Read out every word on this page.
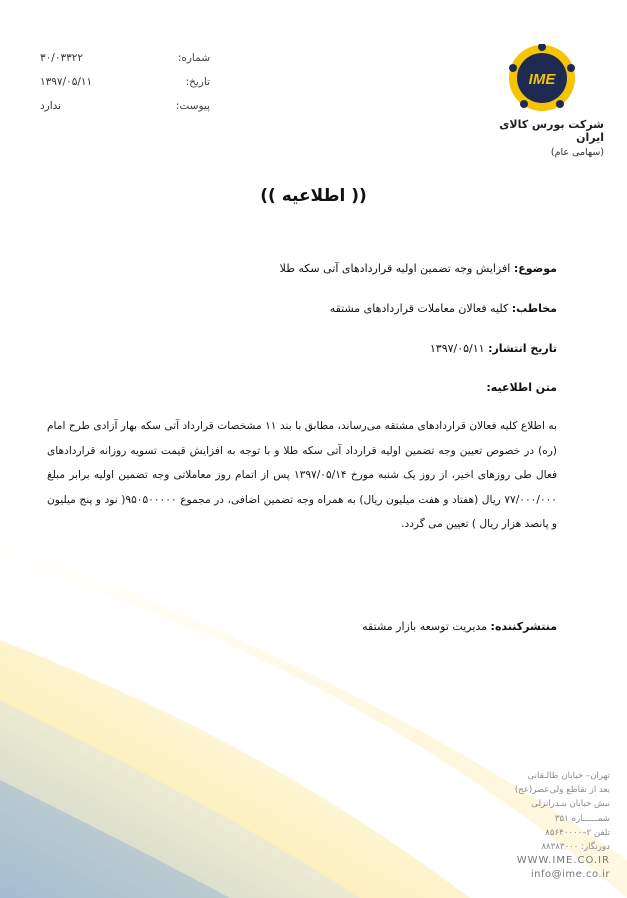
شماره:
۳۰/۰۳۳۲۲
تاریخ:
۱۳۹۷/۰۵/۱۱
پیوست:
ندارد
IME
شرکت بورس کالای ایران
(سهامی عام)
(( اطلاعیه ))
موضوع: افزایش وجه تضمین اولیه قراردادهای آتی سکه طلا
مخاطب: کلیه فعالان معاملات قراردادهای مشتقه
تاریخ انتشار: ۱۳۹۷/۰۵/۱۱
متن اطلاعیه:

به اطلاع کلیه فعالان قراردادهای مشتقه می‌رساند، مطابق با بند ۱۱ مشخصات قرارداد آتی سکه بهار آزادی طرح امام (ره) در خصوص تعیین وجه تضمین اولیه قرارداد آتی سکه طلا و با توجه به افزایش قیمت تسویه روزانه قراردادهای فعال طی روزهای اخیر، از روز یک شنبه مورخ ۱۳۹۷/۰۵/۱۴ پس از اتمام روز معاملاتی وجه تضمین اولیه برابر مبلغ ۷۷/۰۰۰/۰۰۰ ریال (هفتاد و هفت میلیون ریال) به همراه وجه تضمین اضافی، در مجموع ۹۵۰۵۰۰۰۰۰( نود و پنج میلیون و پانصد هزار ریال ) تعیین می گردد.

منتشرکننده: مدیریت توسعه بازار مشتقه
تهران– خیابان طالـقانی
بعد از تقاطع ولی‌عصر(عج)
نبش خیابان بنـدرانزلی
شمــــــاره ۳۵۱
تلفن ۲–۸۵۶۴۰۰۰۰
دورنگار: ۸۸۳۸۳۰۰۰
WWW.IME.CO.IR
info@ime.co.ir
